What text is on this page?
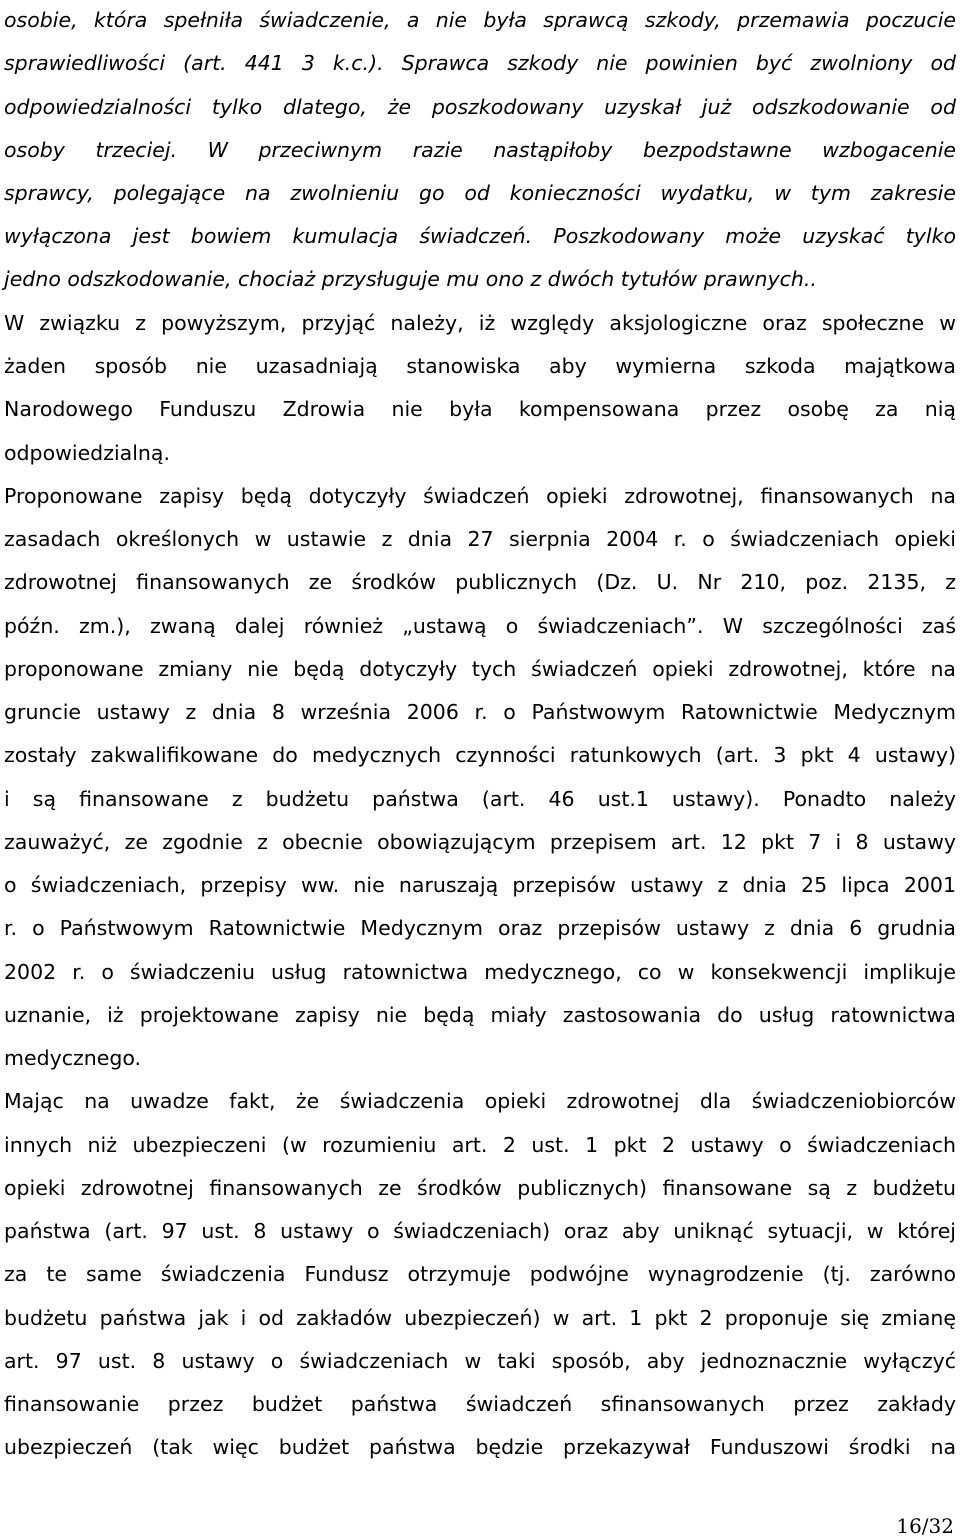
osobie, która spełniła świadczenie, a nie była sprawcą szkody, przemawia poczucie
sprawiedliwości (art. 441 3 k.c.). Sprawca szkody nie powinien być zwolniony od
odpowiedzialności tylko dlatego, że poszkodowany uzyskał już odszkodowanie od
osoby trzeciej. W przeciwnym razie nastąpiłoby bezpodstawne wzbogacenie
sprawcy, polegające na zwolnieniu go od konieczności wydatku, w tym zakresie
wyłączona jest bowiem kumulacja świadczeń. Poszkodowany może uzyskać tylko
jedno odszkodowanie, chociaż przysługuje mu ono z dwóch tytułów prawnych..
W związku z powyższym, przyjąć należy, iż względy aksjologiczne oraz społeczne w
żaden sposób nie uzasadniają stanowiska aby wymierna szkoda majątkowa
Narodowego Funduszu Zdrowia nie była kompensowana przez osobę za nią
odpowiedzialną.
Proponowane zapisy będą dotyczyły świadczeń opieki zdrowotnej, finansowanych na
zasadach określonych w ustawie z dnia 27 sierpnia 2004 r. o świadczeniach opieki
zdrowotnej finansowanych ze środków publicznych (Dz. U. Nr 210, poz. 2135, z
późn. zm.), zwaną dalej również „ustawą o świadczeniach”. W szczególności zaś
proponowane zmiany nie będą dotyczyły tych świadczeń opieki zdrowotnej, które na
gruncie ustawy z dnia 8 września 2006 r. o Państwowym Ratownictwie Medycznym
zostały zakwalifikowane do medycznych czynności ratunkowych (art. 3 pkt 4 ustawy)
i są finansowane z budżetu państwa (art. 46 ust.1 ustawy). Ponadto należy
zauważyć, ze zgodnie z obecnie obowiązującym przepisem art. 12 pkt 7 i 8 ustawy
o świadczeniach, przepisy ww. nie naruszają przepisów ustawy z dnia 25 lipca 2001
r. o Państwowym Ratownictwie Medycznym oraz przepisów ustawy z dnia 6 grudnia
2002 r. o świadczeniu usług ratownictwa medycznego, co w konsekwencji implikuje
uznanie, iż projektowane zapisy nie będą miały zastosowania do usług ratownictwa
medycznego.
Mając na uwadze fakt, że świadczenia opieki zdrowotnej dla świadczeniobiorców
innych niż ubezpieczeni (w rozumieniu art. 2 ust. 1 pkt 2 ustawy o świadczeniach
opieki zdrowotnej finansowanych ze środków publicznych) finansowane są z budżetu
państwa (art. 97 ust. 8 ustawy o świadczeniach) oraz aby uniknąć sytuacji, w której
za te same świadczenia Fundusz otrzymuje podwójne wynagrodzenie (tj. zarówno
budżetu państwa jak i od zakładów ubezpieczeń) w art. 1 pkt 2 proponuje się zmianę
art. 97 ust. 8 ustawy o świadczeniach w taki sposób, aby jednoznacznie wyłączyć
finansowanie przez budżet państwa świadczeń sfinansowanych przez zakłady
ubezpieczeń (tak więc budżet państwa będzie przekazywał Funduszowi środki na
16/32
